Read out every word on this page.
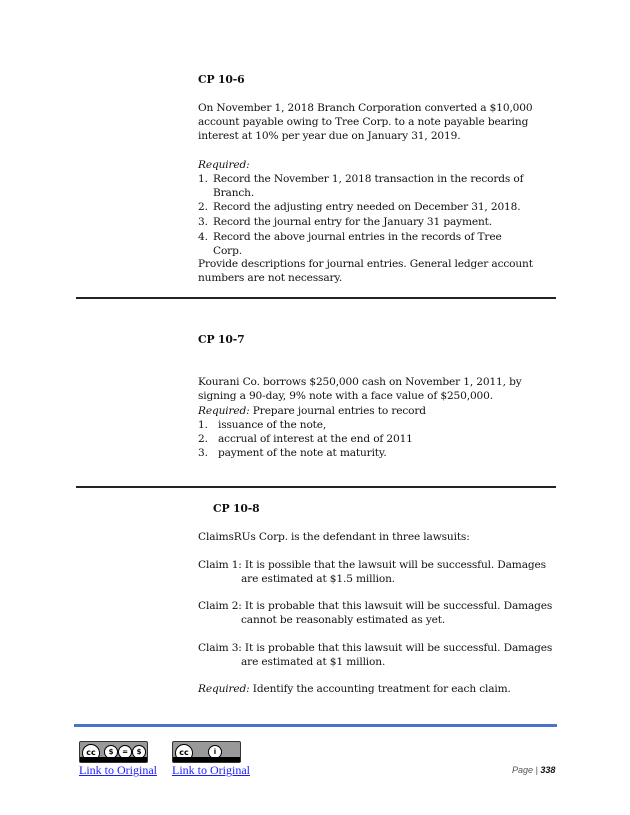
CP 10-6
On November 1, 2018 Branch Corporation converted a $10,000
account payable owing to Tree Corp. to a note payable bearing
interest at 10% per year due on January 31, 2019.
Required:
1. Record the November 1, 2018 transaction in the records of
Branch.
2. Record the adjusting entry needed on December 31, 2018.
3. Record the journal entry for the January 31 payment.
4. Record the above journal entries in the records of Tree Corp.
Provide descriptions for journal entries. General ledger account
numbers are not necessary.
CP 10-7
Kourani Co. borrows $250,000 cash on November 1, 2011, by
signing a 90-day, 9% note with a face value of $250,000.
Required: Prepare journal entries to record
1. issuance of the note,
2. accrual of interest at the end of 2011
3. payment of the note at maturity.
CP 10-8
ClaimsRUs Corp. is the defendant in three lawsuits:
Claim 1: It is possible that the lawsuit will be successful. Damages
are estimated at $1.5 million.
Claim 2: It is probable that this lawsuit will be successful. Damages
cannot be reasonably estimated as yet.
Claim 3: It is probable that this lawsuit will be successful. Damages
are estimated at $1 million.
Required: Identify the accounting treatment for each claim.
cc	$	=	$	cc	i
Link to Original Link to Original	Page | 338
